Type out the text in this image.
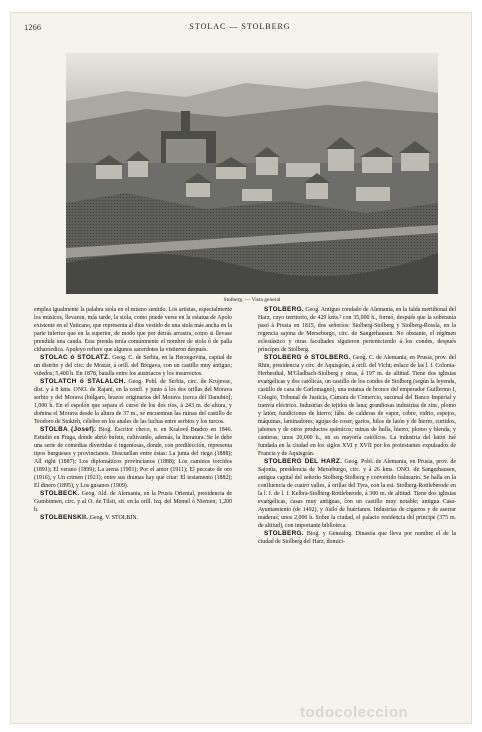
1266	STOLAC — STOLBERG
Stolberg. — Vista general

emplea igualmente la palabra stola en el mismo sentido. Los artistas, especialmente los músicos, llevaron, más tarde, la stola, como puede verse en la estatua de Apolo existente en el Vaticano, que representa al dios vestido de una stola más ancha en la parte inferior que en la superior, de modo que por detrás arrastra, como si llevase prendida una cauda. Esta prenda tenía comúnmente el nombre de stola ó de palla citharoedica. Apuleyo refiere que algunos sacerdotes la vistieron después.

STOLAC ó STOLATZ. Geog. C. de Serbia, en la Herzegovina, capital de un distrito y del circ. de Mostar, á orill. del Bregava, con un castillo muy antiguo; viñedos; 5,400 h. En 1878, batalla entre los austríacos y los insurrectos.

STOLATCH ó STALALCH. Geog. Pobl. de Serbia, circ. de Krujevac, dist. y á 8 kms. ONO. de Rajani, en la confl. y junto á los dos orillas del Morava serbio y del Morava (búlgaro, brazos originarios del Morava (cerca del Danubio); 1,000 h. En el espolón que separa el curso de los dos ríos, á 243 m. de altura, y domina el Morava desde la altura de 37 m., se encuentran las ruinas del castillo de Teodoro de Stokteh, célebre en los anales de las luchas entre serbios y los turcos.

STOLBA (Josef). Biog. Escritor checo, n. en Kralové Bradeo en 1846. Estudió en Praga, donde abrió bufete, cultivando, además, la literatura. Se le debe una serie de comedias divertidas é ingeniosas, donde, con predilección, representa tipos burgueses y provincianos. Descuellan entre éstas: La junta del riego (1888); All right (1887); Los diplomáticos provincianos (1888); Los caminos torcidos (1891); El verano (1899); La arena (1901); Por el amor (1911); El peccato de oro (1916), y Un crimen (1921); entre sus dramas hay que citar: El testamento (1882); El dinero (1895), y Los gusanos (1909).

STOLBECK. Geog. Ald. de Alemania, en la Prusia Oriental, presidencia de Gumbinnen, circ. y al O. de Tilsit, sit. en la orill. izq. del Memel ó Niemen; 1,200 h.

STOLBENSKII. Geog. V. STOLBIN.

STOLBERG. Geog. Antiguo condado de Alemania, en la falda meridional del Harz, cuyo territorio, de 429 kms.² con 35,000 h., formó, después que la soberanía pasó á Prusia en 1815, dos señoríos: Stolberg-Stolberg y Stolberg-Rossla, en la regencia sajona de Merseburgo, circ. de Sangerhausen. No obstante, el régimen eclesiástico y otras facultades siguieron perteneciendo á los condes, después príncipes de Stolberg.

STOLBERG ó STOLBERG. Geog. C. de Alemania, en Prusia, prov. del Rhin, presidencia y circ. de Aquisgrán, á orill. del Vicht; enlace de las l. f. Colonia-Herbesthal, M'Gladbach-Stolberg y otras, á 197 m. de altitud. Tiene dos iglesias evangélicas y dos católicas, un castillo de los condes de Stolberg (según la leyenda, castillo de caza de Carlomagno), una estatua de bronce del emperador Guillermo I, Colegio, Tribunal de Justicia, Cámara de Comercio, sucursal del Banco Imperial y tranvía eléctrico. Industrias de tejidos de lana; grandiosas industrias de zinc, plomo y latón; fundiciones de hierro; fábs. de calderas de vapor, cobre, vidrio, espejos, máquinas, laminadores, agujas de coser, garios, hilos de latón y de hierro, curtidos, jabones y de otros productos químicos; minas de hulla, hierro, plomo y blenda, y canteras; unos 20,000 h., en su mayoría católicos. La industria del latón fué fundada en la ciudad en los siglos XVI y XVII por los protestantes expulsados de Francia y de Aquisgrán.

STOLBERG DEL HARZ. Geog. Pobl. de Alemania, en Prusia, prov. de Sajonia, presidencia de Merseburgo, circ. y á 26 kms. ONO. de Sangerhausen, antigua capital del señorío Stolberg-Stolberg y convertido balneario. Se halla en la confluencia de cuatro valles, á orillas del Tyra, con la est. Stolberg-Rottleberode en la l. f. de l. f. Kelbra-Stolberg-Rottleberode, á 300 m. de altitud. Tiene dos iglesias evangélicas, casas muy antiguas, con un castillo muy notable; antigua Casa-Ayuntamiento (de 1492), y Asilo de huérfanos. Industrias de cigarros y de aserrar maderas; unos 2,000 h. Sobre la ciudad, el palacio residencia del príncipe (375 m. de altitud), con importante biblioteca.

STOLBERG. Biog. y Genealog. Dinastía que lleva por nombre el de la ciudad de Stolberg del Harz, domici-

todocoleccion
